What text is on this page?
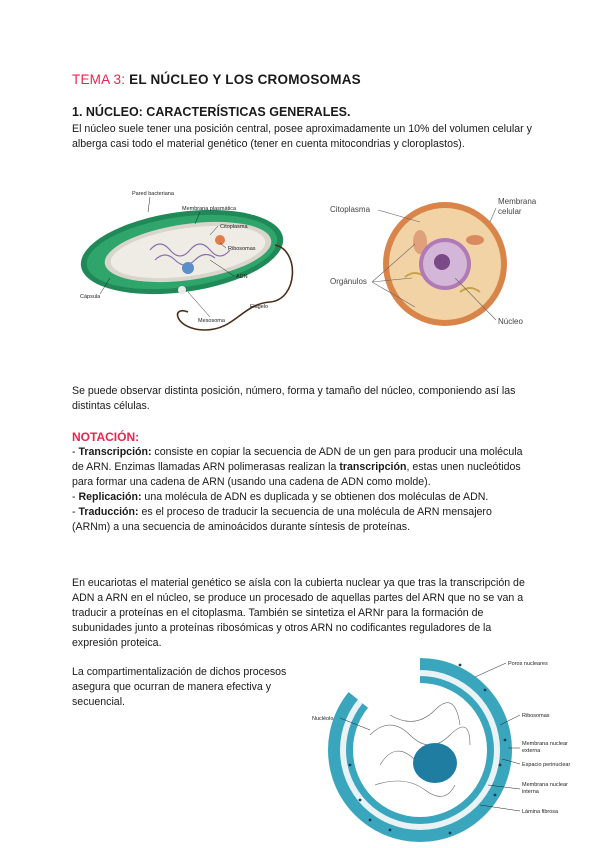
TEMA 3: EL NÚCLEO Y LOS CROMOSOMAS
1. NÚCLEO: CARACTERÍSTICAS GENERALES.
El núcleo suele tener una posición central, posee aproximadamente un 10% del volumen celular y alberga casi todo el material genético (tener en cuenta mitocondrias y cloroplastos).
Pared bacteriana
Membrana plasmática
Citoplasma
Ribosomas
ADN
Cápsula
Flagelo
Mesosoma
Citoplasma
Membrana
celular
Orgánulos
Núcleo
Se puede observar distinta posición, número, forma y tamaño del núcleo, componiendo así las distintas células.
NOTACIÓN:
- Transcripción: consiste en copiar la secuencia de ADN de un gen para producir una molécula de ARN. Enzimas llamadas ARN polimerasas realizan la transcripción, estas unen nucleótidos para formar una cadena de ARN (usando una cadena de ADN como molde).
- Replicación: una molécula de ADN es duplicada y se obtienen dos moléculas de ADN.
- Traducción: es el proceso de traducir la secuencia de una molécula de ARN mensajero (ARNm) a una secuencia de aminoácidos durante síntesis de proteínas.
En eucariotas el material genético se aísla con la cubierta nuclear ya que tras la transcripción de ADN a ARN en el núcleo, se produce un procesado de aquellas partes del ARN que no se van a traducir a proteínas en el citoplasma. También se sintetiza el ARNr para la formación de subunidades junto a proteínas ribosómicas y otros ARN no codificantes reguladores de la expresión proteica.
La compartimentalización de dichos procesos asegura que ocurran de manera efectiva y secuencial.
Poros nucleares
Nucléolo	Ribosomas
Membrana nuclear
externa
Espacio perinuclear
Membrana nuclear
interna
Lámina fibrosa
